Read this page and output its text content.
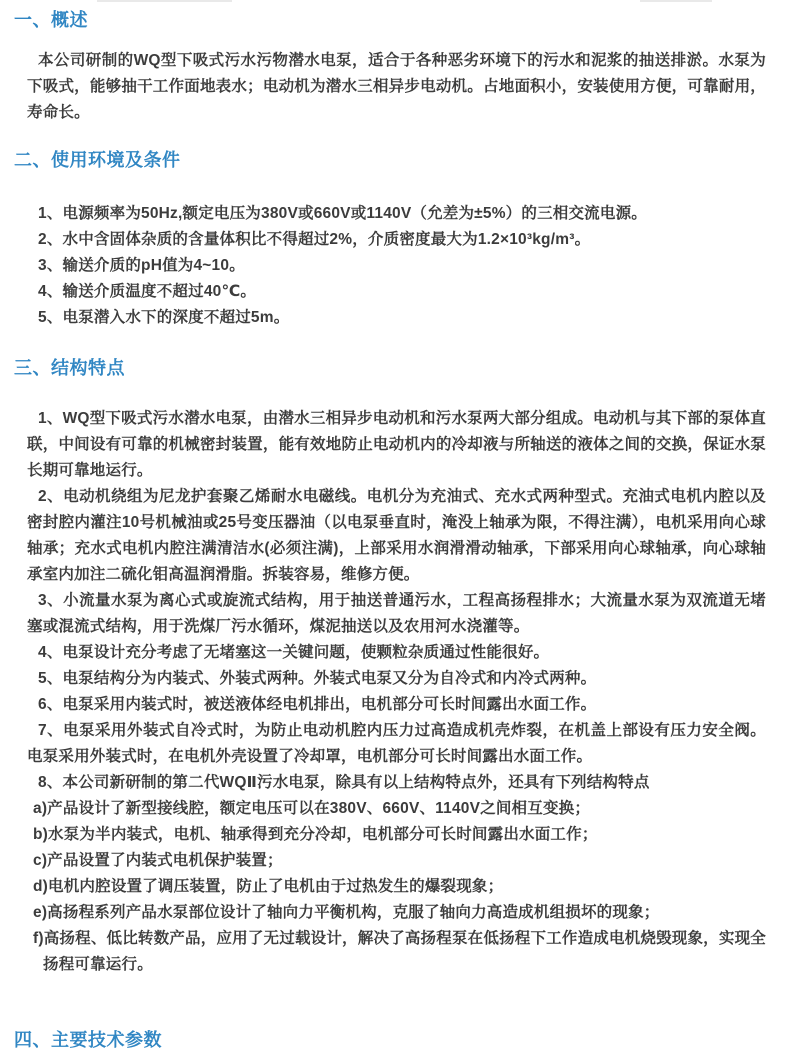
一、概述

本公司研制的WQ型下吸式污水污物潜水电泵，适合于各种恶劣环境下的污水和泥浆的抽送排淤。水泵为下吸式，能够抽干工作面地表水；电动机为潜水三相异步电动机。占地面积小，安装使用方便，可靠耐用，寿命长。

二、使用环境及条件

1、电源频率为50Hz,额定电压为380V或660V或1140V（允差为±5%）的三相交流电源。

2、水中含固体杂质的含量体积比不得超过2%，介质密度最大为1.2×10³kg/m³。

3、输送介质的pH值为4~10。

4、输送介质温度不超过40℃。

5、电泵潜入水下的深度不超过5m。

三、结构特点

1、WQ型下吸式污水潜水电泵，由潜水三相异步电动机和污水泵两大部分组成。电动机与其下部的泵体直联，中间设有可靠的机械密封装置，能有效地防止电动机内的冷却液与所轴送的液体之间的交换，保证水泵长期可靠地运行。

2、电动机绕组为尼龙护套聚乙烯耐水电磁线。电机分为充油式、充水式两种型式。充油式电机内腔以及密封腔内灌注10号机械油或25号变压器油（以电泵垂直时，淹没上轴承为限，不得注满），电机采用向心球轴承；充水式电机内腔注满清洁水(必须注满)，上部采用水润滑滑动轴承，下部采用向心球轴承，向心球轴承室内加注二硫化钼高温润滑脂。拆装容易，维修方便。

3、小流量水泵为离心式或旋流式结构，用于抽送普通污水，工程高扬程排水；大流量水泵为双流道无堵塞或混流式结构，用于洗煤厂污水循环，煤泥抽送以及农用河水浇灌等。

4、电泵设计充分考虑了无堵塞这一关键问题，使颗粒杂质通过性能很好。

5、电泵结构分为内装式、外装式两种。外装式电泵又分为自冷式和内冷式两种。

6、电泵采用内装式时，被送液体经电机排出，电机部分可长时间露出水面工作。

7、电泵采用外装式自冷式时，为防止电动机腔内压力过高造成机壳炸裂，在机盖上部设有压力安全阀。电泵采用外装式时，在电机外壳设置了冷却罩，电机部分可长时间露出水面工作。

8、本公司新研制的第二代WQⅡ污水电泵，除具有以上结构特点外，还具有下列结构特点

a)产品设计了新型接线腔，额定电压可以在380V、660V、1140V之间相互变换；

b)水泵为半内装式，电机、轴承得到充分冷却，电机部分可长时间露出水面工作；

c)产品设置了内装式电机保护装置；

d)电机内腔设置了调压装置，防止了电机由于过热发生的爆裂现象；

e)高扬程系列产品水泵部位设计了轴向力平衡机构，克服了轴向力高造成机组损坏的现象；

f)高扬程、低比转数产品，应用了无过载设计，解决了高扬程泵在低扬程下工作造成电机烧毁现象，实现全扬程可靠运行。

四、主要技术参数
